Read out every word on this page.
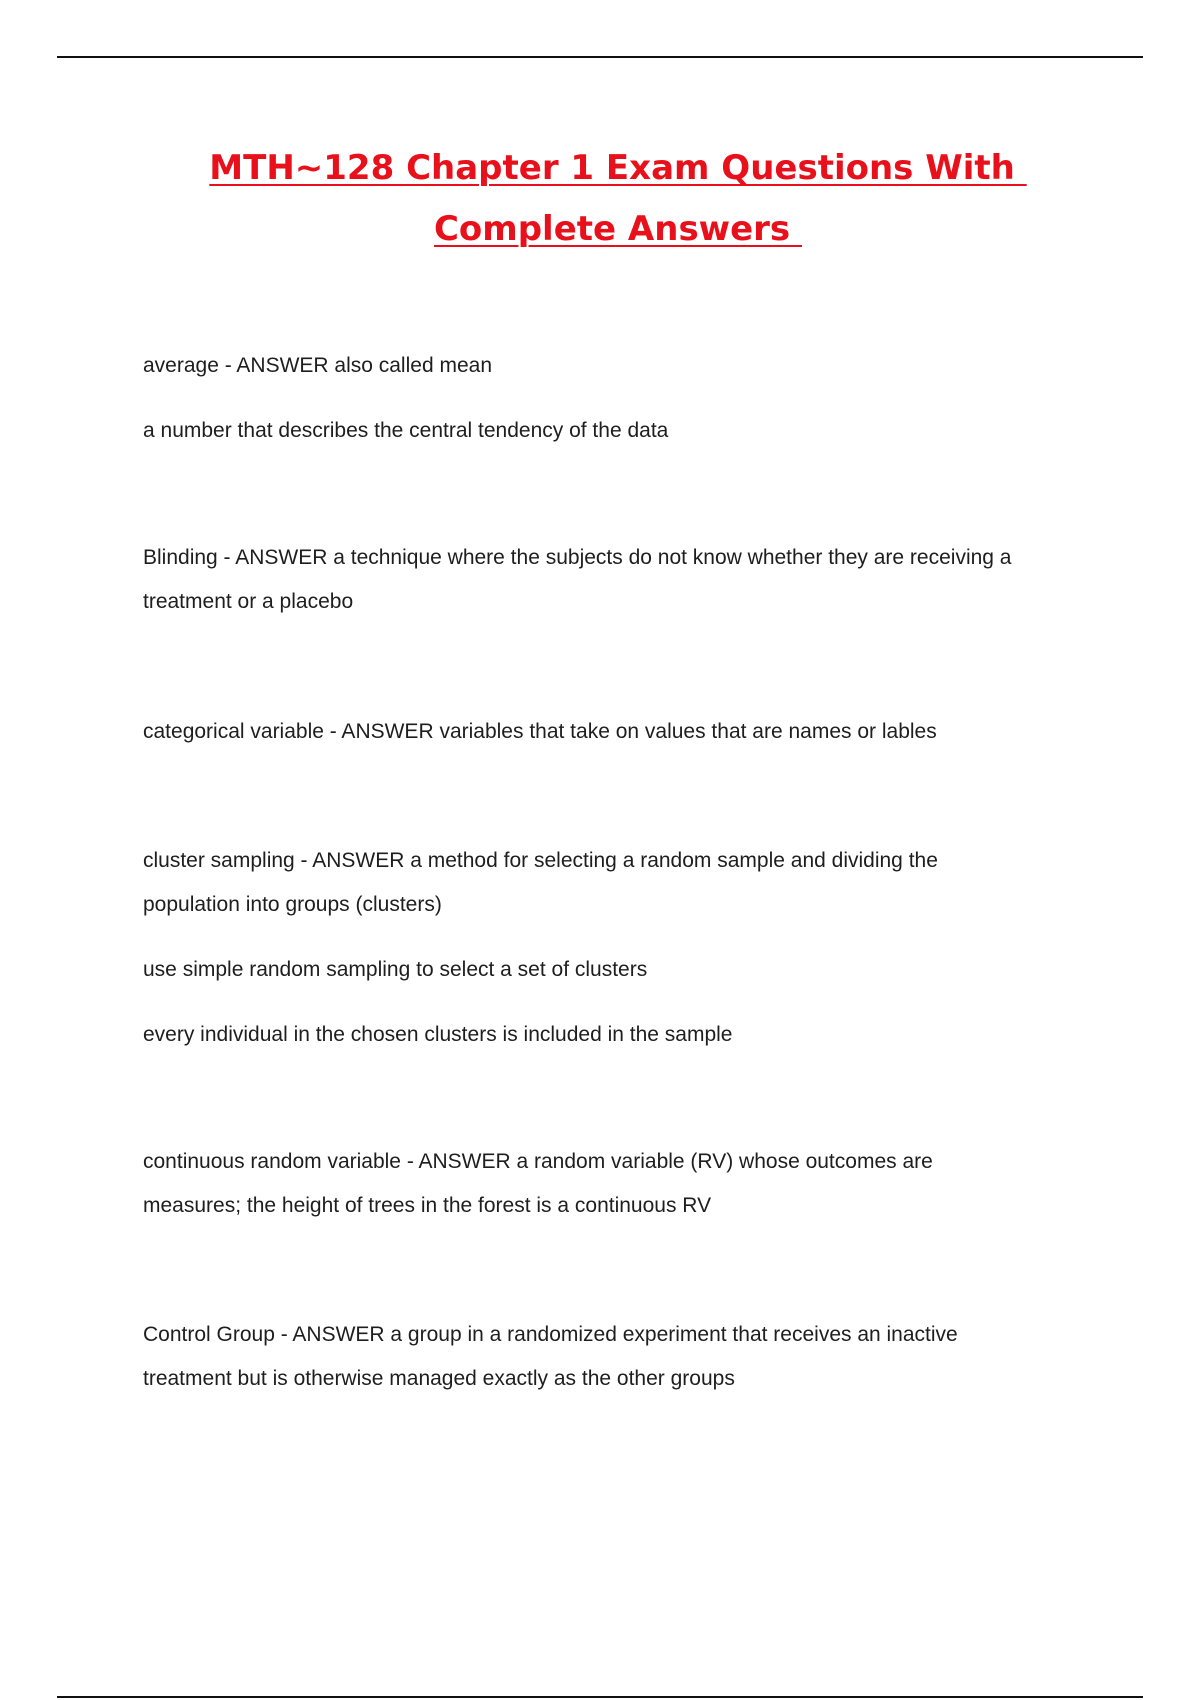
MTH~128 Chapter 1 Exam Questions With
Complete Answers

average - ANSWER also called mean

a number that describes the central tendency of the data

Blinding - ANSWER a technique where the subjects do not know whether they are receiving a treatment or a placebo

categorical variable - ANSWER variables that take on values that are names or lables

cluster sampling - ANSWER a method for selecting a random sample and dividing the population into groups (clusters)

use simple random sampling to select a set of clusters

every individual in the chosen clusters is included in the sample

continuous random variable - ANSWER a random variable (RV) whose outcomes are measures; the height of trees in the forest is a continuous RV

Control Group - ANSWER a group in a randomized experiment that receives an inactive treatment but is otherwise managed exactly as the other groups
